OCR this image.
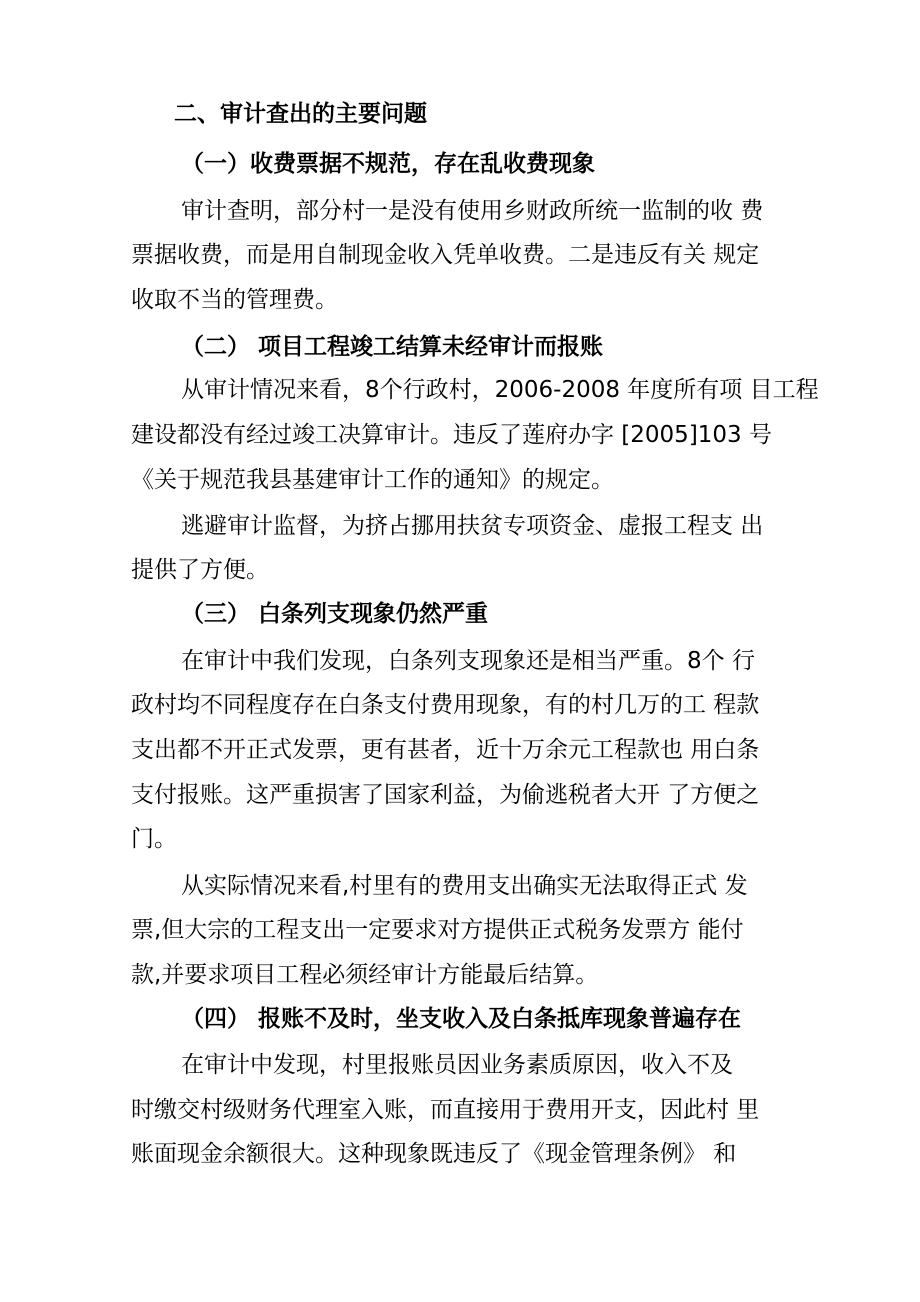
二、审计查出的主要问题

（一）收费票据不规范，存在乱收费现象

审计查明，部分村一是没有使用乡财政所统一监制的收 费

票据收费，而是用自制现金收入凭单收费。二是违反有关 规定

收取不当的管理费。

（二） 项目工程竣工结算未经审计而报账

从审计情况来看，8个行政村，2006-2008 年度所有项 目工程

建设都没有经过竣工决算审计。违反了莲府办字 [2005]103 号

《关于规范我县基建审计工作的通知》的规定。

逃避审计监督，为挤占挪用扶贫专项资金、虚报工程支 出

提供了方便。

（三） 白条列支现象仍然严重

在审计中我们发现，白条列支现象还是相当严重。8个 行

政村均不同程度存在白条支付费用现象，有的村几万的工 程款

支出都不开正式发票，更有甚者，近十万余元工程款也 用白条

支付报账。这严重损害了国家利益，为偷逃税者大开 了方便之

门。

从实际情况来看,村里有的费用支出确实无法取得正式 发

票,但大宗的工程支出一定要求对方提供正式税务发票方 能付

款,并要求项目工程必须经审计方能最后结算。

（四） 报账不及时，坐支收入及白条抵库现象普遍存在

在审计中发现，村里报账员因业务素质原因，收入不及

时缴交村级财务代理室入账，而直接用于费用开支，因此村 里

账面现金余额很大。这种现象既违反了《现金管理条例》 和
